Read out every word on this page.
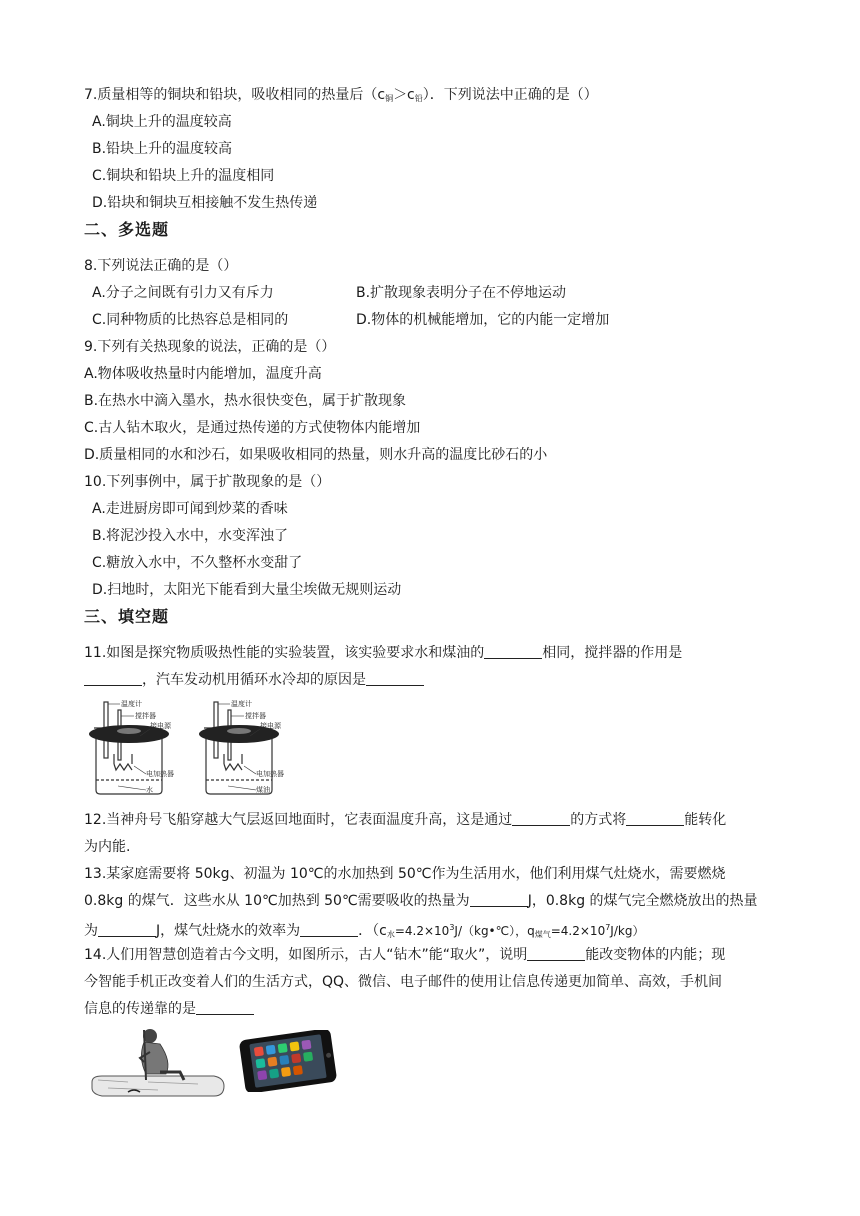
7.质量相等的铜块和铅块，吸收相同的热量后$(c_铜>c_铅)$．下列说法中正确的是（）
A.铜块上升的温度较高
B.铅块上升的温度较高
C.铜块和铅块上升的温度相同
D.铅块和铜块互相接触不发生热传递
二、多选题
8.下列说法正确的是（）
A.分子之间既有引力又有斥力	B.扩散现象表明分子在不停地运动
C.同种物质的比热容总是相同的	D.物体的机械能增加，它的内能一定增加
9.下列有关热现象的说法，正确的是（）
A.物体吸收热量时内能增加，温度升高
B.在热水中滴入墨水，热水很快变色，属于扩散现象
C.古人钻木取火，是通过热传递的方式使物体内能增加
D.质量相同的水和沙石，如果吸收相同的热量，则水升高的温度比砂石的小
10.下列事例中，属于扩散现象的是（）
A.走进厨房即可闻到炒菜的香味
B.将泥沙投入水中，水变浑浊了
C.糖放入水中，不久整杯水变甜了
D.扫地时，太阳光下能看到大量尘埃做无规则运动
三、填空题
11.如图是探究物质吸热性能的实验装置，该实验要求水和煤油的	相同，搅拌器的作用是
，汽车发动机用循环水冷却的原因是
温度计
搅拌器
接电源
电加热器
水
温度计
搅拌器
接电源
电加热器
煤油
12.当神舟号飞船穿越大气层返回地面时，它表面温度升高，这是通过	的方式将	能转化
为内能.
13.某家庭需要将 50kg、初温为 10℃的水加热到 50℃作为生活用水，他们利用煤气灶烧水，需要燃烧
0.8kg 的煤气．这些水从 10℃加热到 50℃需要吸收的热量为	J，0.8kg 的煤气完全燃烧放出的热量
为	J，煤气灶烧水的效率为	．（$c_水=4.2\times 10^3J/(kg•℃)$，$q_{煤气}=4.2\times 10^7J/kg$）
14.人们用智慧创造着古今文明，如图所示，古人“钻木”能“取火”，说明	能改变物体的内能；现
今智能手机正改变着人们的生活方式，QQ、微信、电子邮件的使用让信息传递更加简单、高效，手机间
信息的传递靠的是
